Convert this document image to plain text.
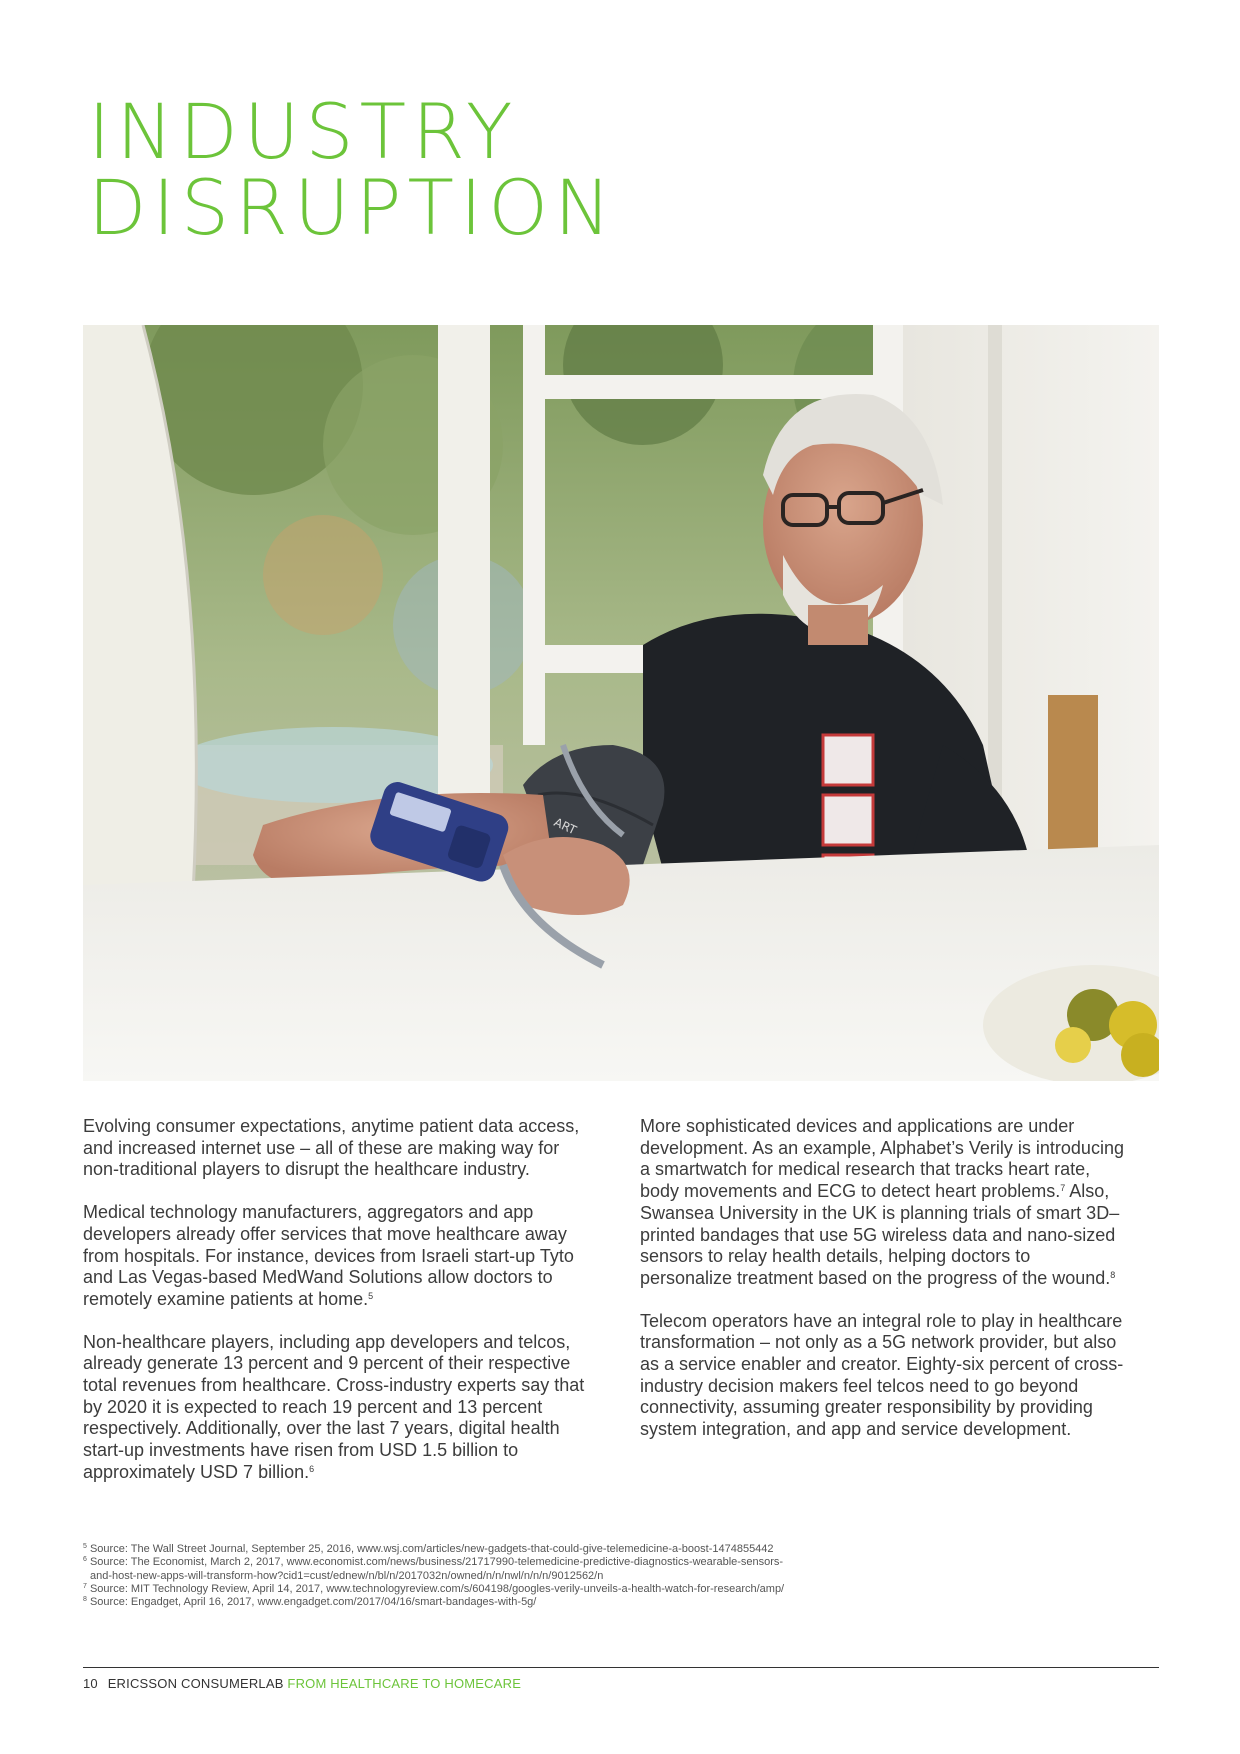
INDUSTRY
DISRUPTION
ART

Evolving consumer expectations, anytime patient data access, and increased internet use – all of these are making way for non-traditional players to disrupt the healthcare industry.

Medical technology manufacturers, aggregators and app developers already offer services that move healthcare away from hospitals. For instance, devices from Israeli start-up Tyto and Las Vegas-based MedWand Solutions allow doctors to remotely examine patients at home.$^5$

Non-healthcare players, including app developers and telcos, already generate 13 percent and 9 percent of their respective total revenues from healthcare. Cross-industry experts say that by 2020 it is expected to reach 19 percent and 13 percent respectively. Additionally, over the last 7 years, digital health start-up investments have risen from USD 1.5 billion to approximately USD 7 billion.$^6$

More sophisticated devices and applications are under development. As an example, Alphabet’s Verily is introducing a smartwatch for medical research that tracks heart rate, body movements and ECG to detect heart problems.$^7$ Also, Swansea University in the UK is planning trials of smart 3D–printed bandages that use 5G wireless data and nano-sized sensors to relay health details, helping doctors to personalize treatment based on the progress of the wound.$^8$

Telecom operators have an integral role to play in healthcare transformation – not only as a 5G network provider, but also as a service enabler and creator. Eighty-six percent of cross-industry decision makers feel telcos need to go beyond connectivity, assuming greater responsibility by providing system integration, and app and service development.

$^5$ Source: The Wall Street Journal, September 25, 2016, www.wsj.com/articles/new-gadgets-that-could-give-telemedicine-a-boost-1474855442
$^6$ Source: The Economist, March 2, 2017, www.economist.com/news/business/21717990-telemedicine-predictive-diagnostics-wearable-sensors-
and-host-new-apps-will-transform-how?cid1=cust/ednew/n/bl/n/2017032n/owned/n/n/nwl/n/n/n/9012562/n
$^7$ Source: MIT Technology Review, April 14, 2017, www.technologyreview.com/s/604198/googles-verily-unveils-a-health-watch-for-research/amp/
$^8$ Source: Engadget, April 16, 2017, www.engadget.com/2017/04/16/smart-bandages-with-5g/
10 ERICSSON CONSUMERLAB FROM HEALTHCARE TO HOMECARE
